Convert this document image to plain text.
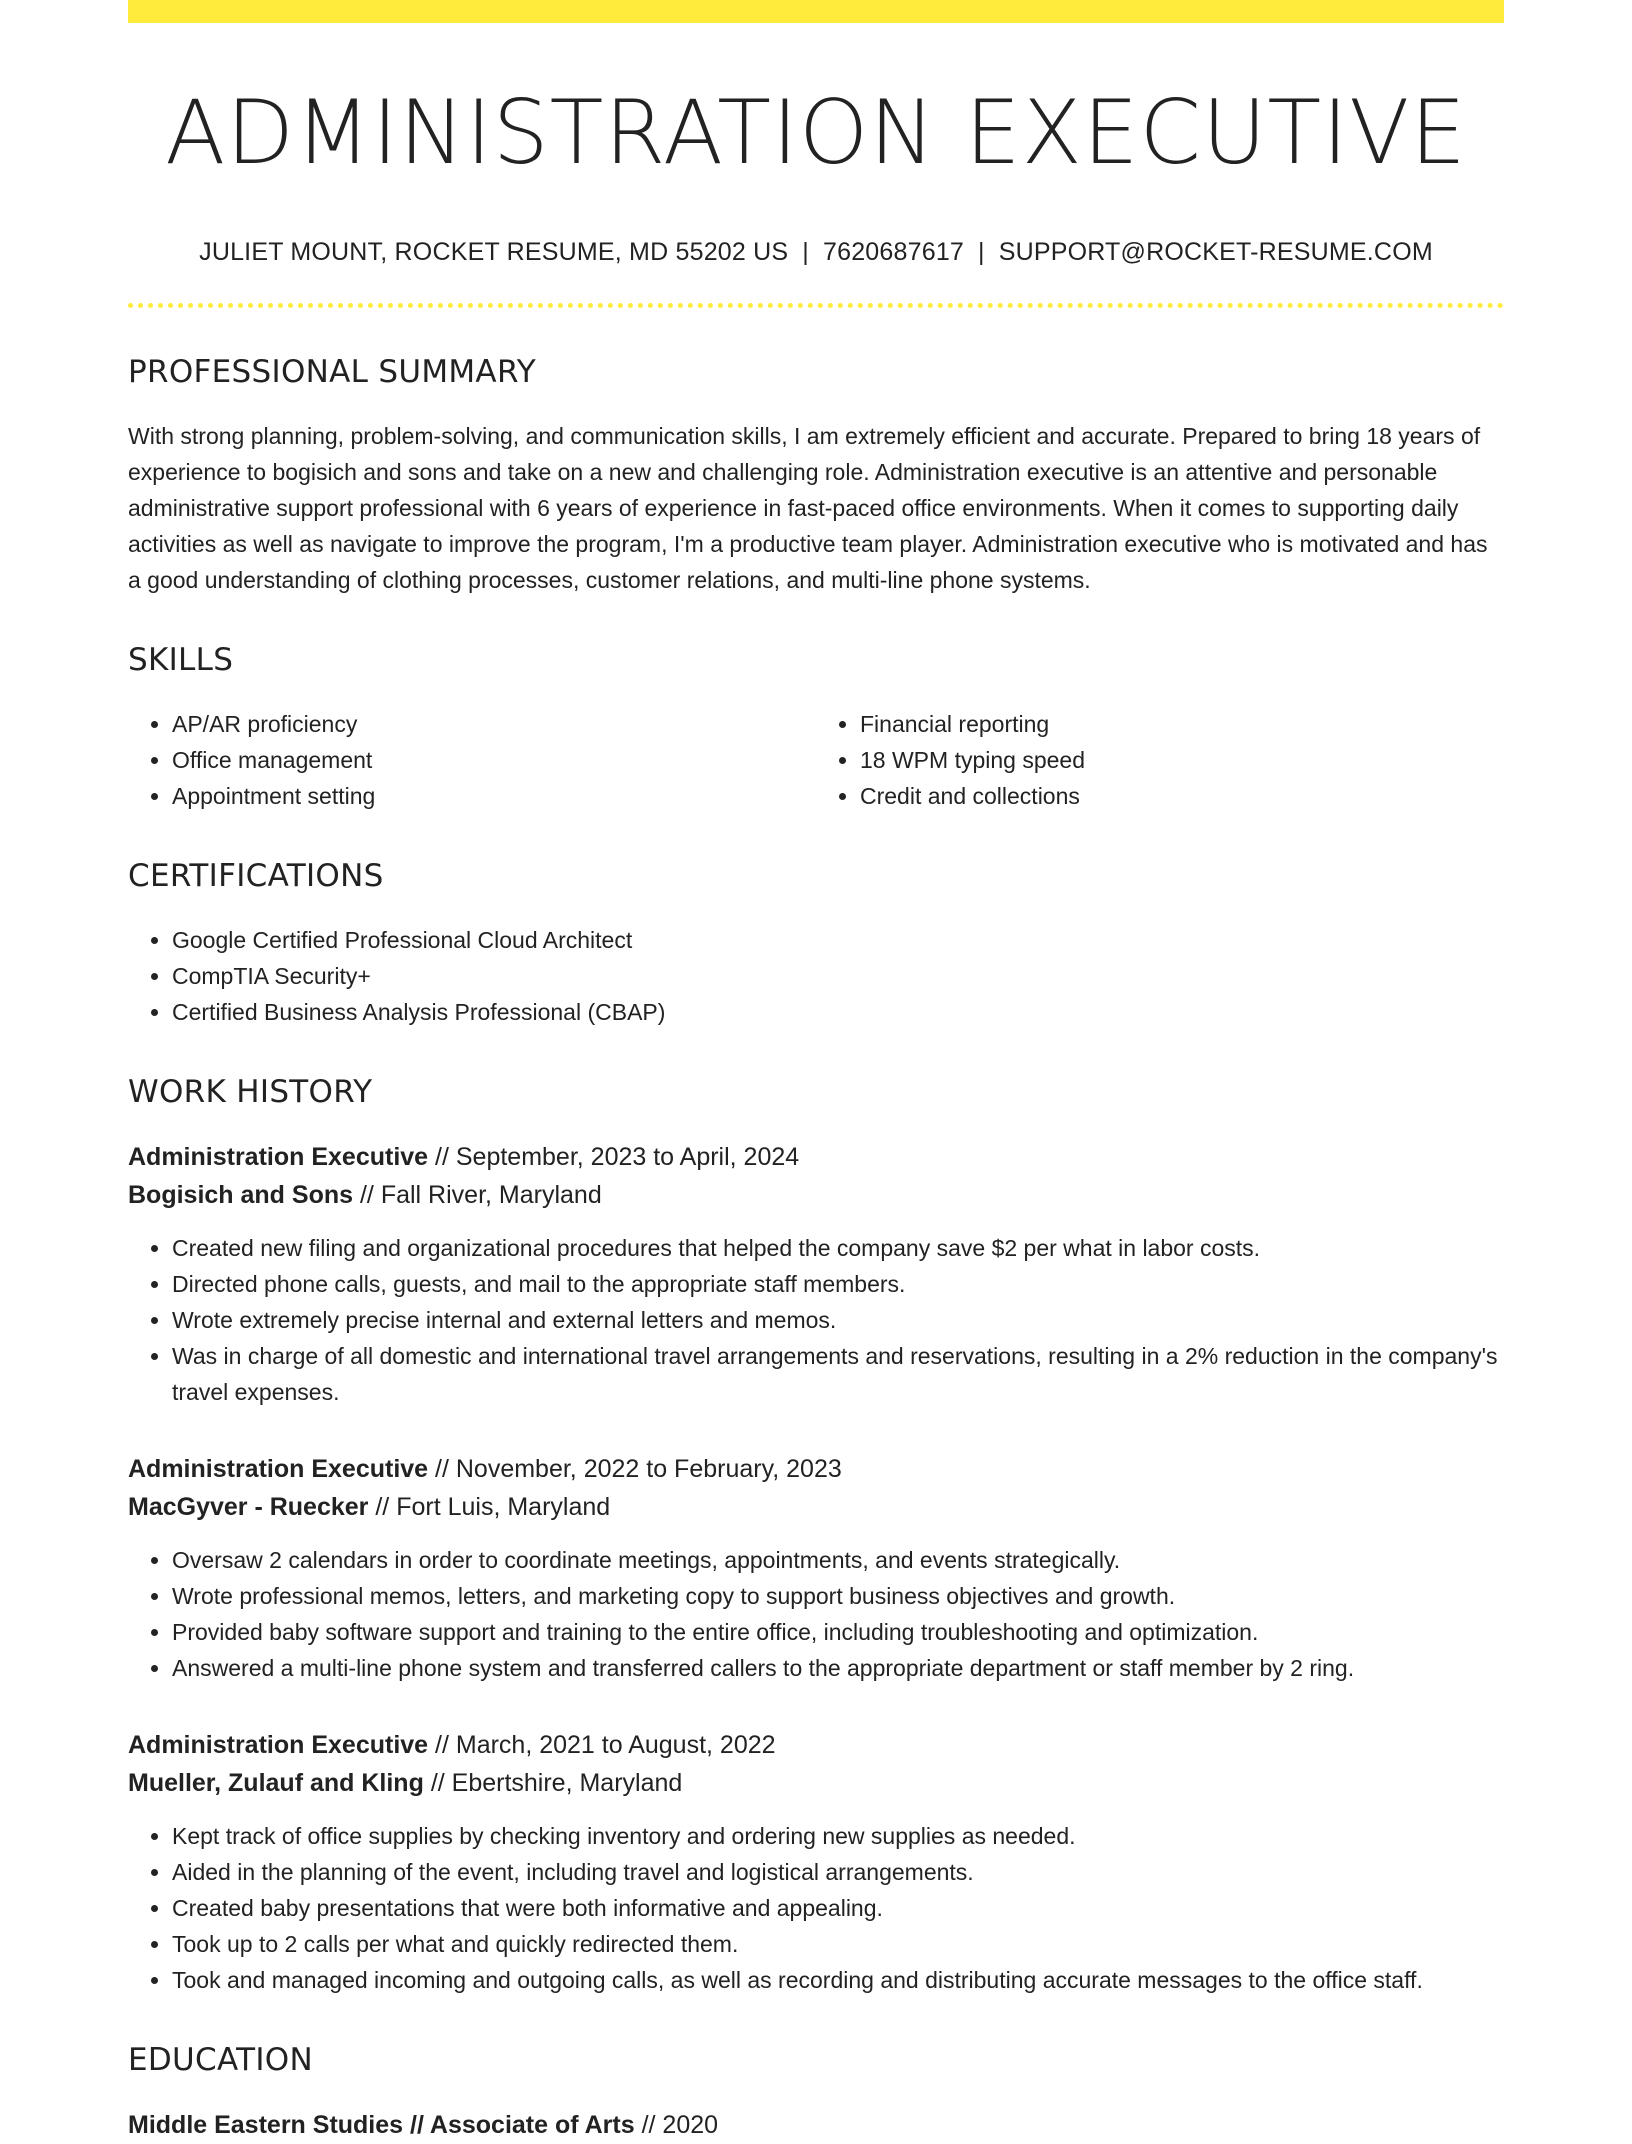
ADMINISTRATION EXECUTIVE
JULIET MOUNT, ROCKET RESUME, MD 55202 US | 7620687617 | SUPPORT@ROCKET-RESUME.COM
PROFESSIONAL SUMMARY

With strong planning, problem-solving, and communication skills, I am extremely efficient and accurate. Prepared to bring 18 years of experience to bogisich and sons and take on a new and challenging role. Administration executive is an attentive and personable administrative support professional with 6 years of experience in fast-paced office environments. When it comes to supporting daily activities as well as navigate to improve the program, I'm a productive team player. Administration executive who is motivated and has a good understanding of clothing processes, customer relations, and multi-line phone systems.

SKILLS
• AP/AR proficiency
• Office management
• Appointment setting
• Financial reporting
• 18 WPM typing speed
• Credit and collections
CERTIFICATIONS
• Google Certified Professional Cloud Architect
• CompTIA Security+
• Certified Business Analysis Professional (CBAP)
WORK HISTORY
Administration Executive // September, 2023 to April, 2024
Bogisich and Sons // Fall River, Maryland
• Created new filing and organizational procedures that helped the company save $2 per what in labor costs.
• Directed phone calls, guests, and mail to the appropriate staff members.
• Wrote extremely precise internal and external letters and memos.
• Was in charge of all domestic and international travel arrangements and reservations, resulting in a 2% reduction in the company's travel expenses.
Administration Executive // November, 2022 to February, 2023
MacGyver - Ruecker // Fort Luis, Maryland
• Oversaw 2 calendars in order to coordinate meetings, appointments, and events strategically.
• Wrote professional memos, letters, and marketing copy to support business objectives and growth.
• Provided baby software support and training to the entire office, including troubleshooting and optimization.
• Answered a multi-line phone system and transferred callers to the appropriate department or staff member by 2 ring.
Administration Executive // March, 2021 to August, 2022
Mueller, Zulauf and Kling // Ebertshire, Maryland
• Kept track of office supplies by checking inventory and ordering new supplies as needed.
• Aided in the planning of the event, including travel and logistical arrangements.
• Created baby presentations that were both informative and appealing.
• Took up to 2 calls per what and quickly redirected them.
• Took and managed incoming and outgoing calls, as well as recording and distributing accurate messages to the office staff.
EDUCATION
Middle Eastern Studies // Associate of Arts // 2020
